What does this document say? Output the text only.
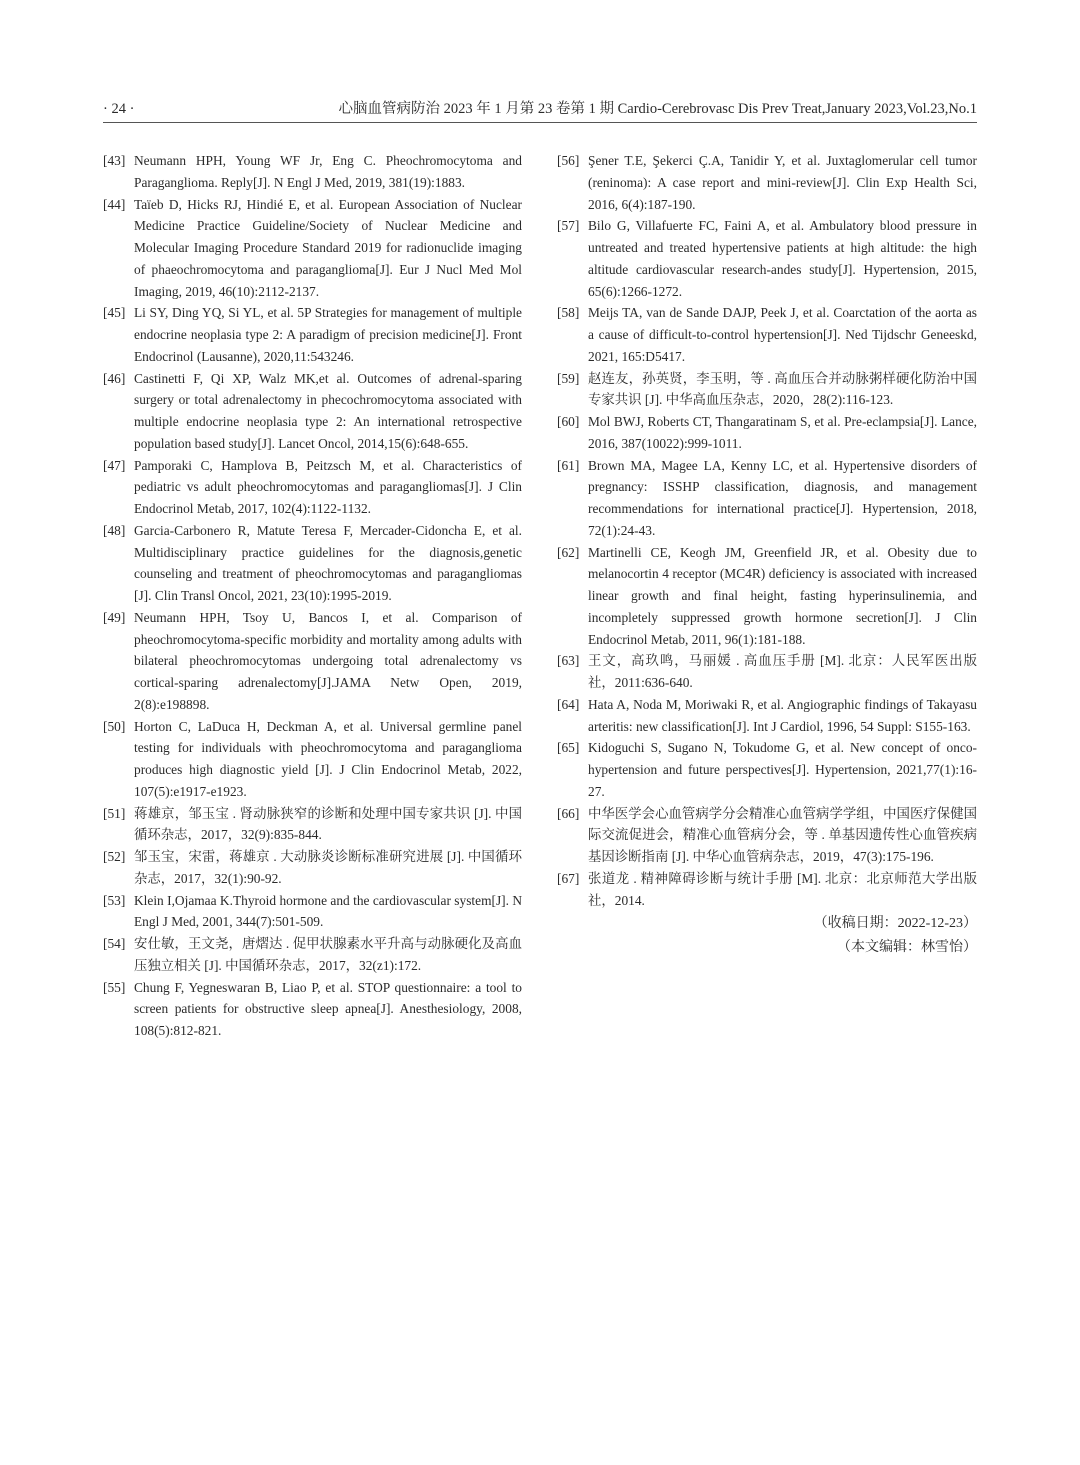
· 24 ·	心脑血管病防治 2023 年 1 月第 23 卷第 1 期 Cardio-Cerebrovasc Dis Prev Treat,January 2023,Vol.23,No.1
[43] Neumann HPH, Young WF Jr, Eng C. Pheochromocytoma and Paraganglioma. Reply[J]. N Engl J Med, 2019, 381(19):1883.
[44] Taïeb D, Hicks RJ, Hindié E, et al. European Association of Nuclear Medicine Practice Guideline/Society of Nuclear Medicine and Molecular Imaging Procedure Standard 2019 for radionuclide imaging of phaeochromocytoma and paraganglioma[J]. Eur J Nucl Med Mol Imaging, 2019, 46(10):2112-2137.
[45] Li SY, Ding YQ, Si YL, et al. 5P Strategies for management of multiple endocrine neoplasia type 2: A paradigm of precision medicine[J]. Front Endocrinol (Lausanne), 2020,11:543246.
[46] Castinetti F, Qi XP, Walz MK,et al. Outcomes of adrenal-sparing surgery or total adrenalectomy in phecochromocytoma associated with multiple endocrine neoplasia type 2: An international retrospective population based study[J]. Lancet Oncol, 2014,15(6):648-655.
[47] Pamporaki C, Hamplova B, Peitzsch M, et al. Characteristics of pediatric vs adult pheochromocytomas and paragangliomas[J]. J Clin Endocrinol Metab, 2017, 102(4):1122-1132.
[48] Garcia-Carbonero R, Matute Teresa F, Mercader-Cidoncha E, et al. Multidisciplinary practice guidelines for the diagnosis,genetic counseling and treatment of pheochromocytomas and paragangliomas [J]. Clin Transl Oncol, 2021, 23(10):1995-2019.
[49] Neumann HPH, Tsoy U, Bancos I, et al. Comparison of pheochromocytoma-specific morbidity and mortality among adults with bilateral pheochromocytomas undergoing total adrenalectomy vs cortical-sparing adrenalectomy[J].JAMA Netw Open, 2019, 2(8):e198898.
[50] Horton C, LaDuca H, Deckman A, et al. Universal germline panel testing for individuals with pheochromocytoma and paraganglioma produces high diagnostic yield [J]. J Clin Endocrinol Metab, 2022, 107(5):e1917-e1923.
[51] 蒋雄京，邹玉宝 . 肾动脉狭窄的诊断和处理中国专家共识 [J]. 中国循环杂志，2017，32(9):835-844.
[52] 邹玉宝，宋雷，蒋雄京 . 大动脉炎诊断标准研究进展 [J]. 中国循环杂志，2017，32(1):90-92.
[53] Klein I,Ojamaa K.Thyroid hormone and the cardiovascular system[J]. N Engl J Med, 2001, 344(7):501-509.
[54] 安仕敏，王文尧，唐熠达 . 促甲状腺素水平升高与动脉硬化及高血压独立相关 [J]. 中国循环杂志，2017，32(z1):172.
[55] Chung F, Yegneswaran B, Liao P, et al. STOP questionnaire: a tool to screen patients for obstructive sleep apnea[J]. Anesthesiology, 2008, 108(5):812-821.
[56] Şener T.E, Şekerci Ç.A, Tanidir Y, et al. Juxtaglomerular cell tumor (reninoma): A case report and mini-review[J]. Clin Exp Health Sci, 2016, 6(4):187-190.
[57] Bilo G, Villafuerte FC, Faini A, et al. Ambulatory blood pressure in untreated and treated hypertensive patients at high altitude: the high altitude cardiovascular research-andes study[J]. Hypertension, 2015, 65(6):1266-1272.
[58] Meijs TA, van de Sande DAJP, Peek J, et al. Coarctation of the aorta as a cause of difficult-to-control hypertension[J]. Ned Tijdschr Geneeskd, 2021, 165:D5417.
[59] 赵连友，孙英贤，李玉明，等 . 高血压合并动脉粥样硬化防治中国专家共识 [J]. 中华高血压杂志，2020，28(2):116-123.
[60] Mol BWJ, Roberts CT, Thangaratinam S, et al. Pre-eclampsia[J]. Lance, 2016, 387(10022):999-1011.
[61] Brown MA, Magee LA, Kenny LC, et al. Hypertensive disorders of pregnancy: ISSHP classification, diagnosis, and management recommendations for international practice[J]. Hypertension, 2018, 72(1):24-43.
[62] Martinelli CE, Keogh JM, Greenfield JR, et al. Obesity due to melanocortin 4 receptor (MC4R) deficiency is associated with increased linear growth and final height, fasting hyperinsulinemia, and incompletely suppressed growth hormone secretion[J]. J Clin Endocrinol Metab, 2011, 96(1):181-188.
[63] 王文，高玖鸣，马丽媛 . 高血压手册 [M]. 北京：人民军医出版社，2011:636-640.
[64] Hata A, Noda M, Moriwaki R, et al. Angiographic findings of Takayasu arteritis: new classification[J]. Int J Cardiol, 1996, 54 Suppl: S155-163.
[65] Kidoguchi S, Sugano N, Tokudome G, et al. New concept of onco-hypertension and future perspectives[J]. Hypertension, 2021,77(1):16-27.
[66] 中华医学会心血管病学分会精准心血管病学学组，中国医疗保健国际交流促进会，精准心血管病分会，等 . 单基因遗传性心血管疾病基因诊断指南 [J]. 中华心血管病杂志，2019，47(3):175-196.
[67] 张道龙 . 精神障碍诊断与统计手册 [M]. 北京：北京师范大学出版社，2014.
（收稿日期：2022-12-23）
（本文编辑：林雪怡）
